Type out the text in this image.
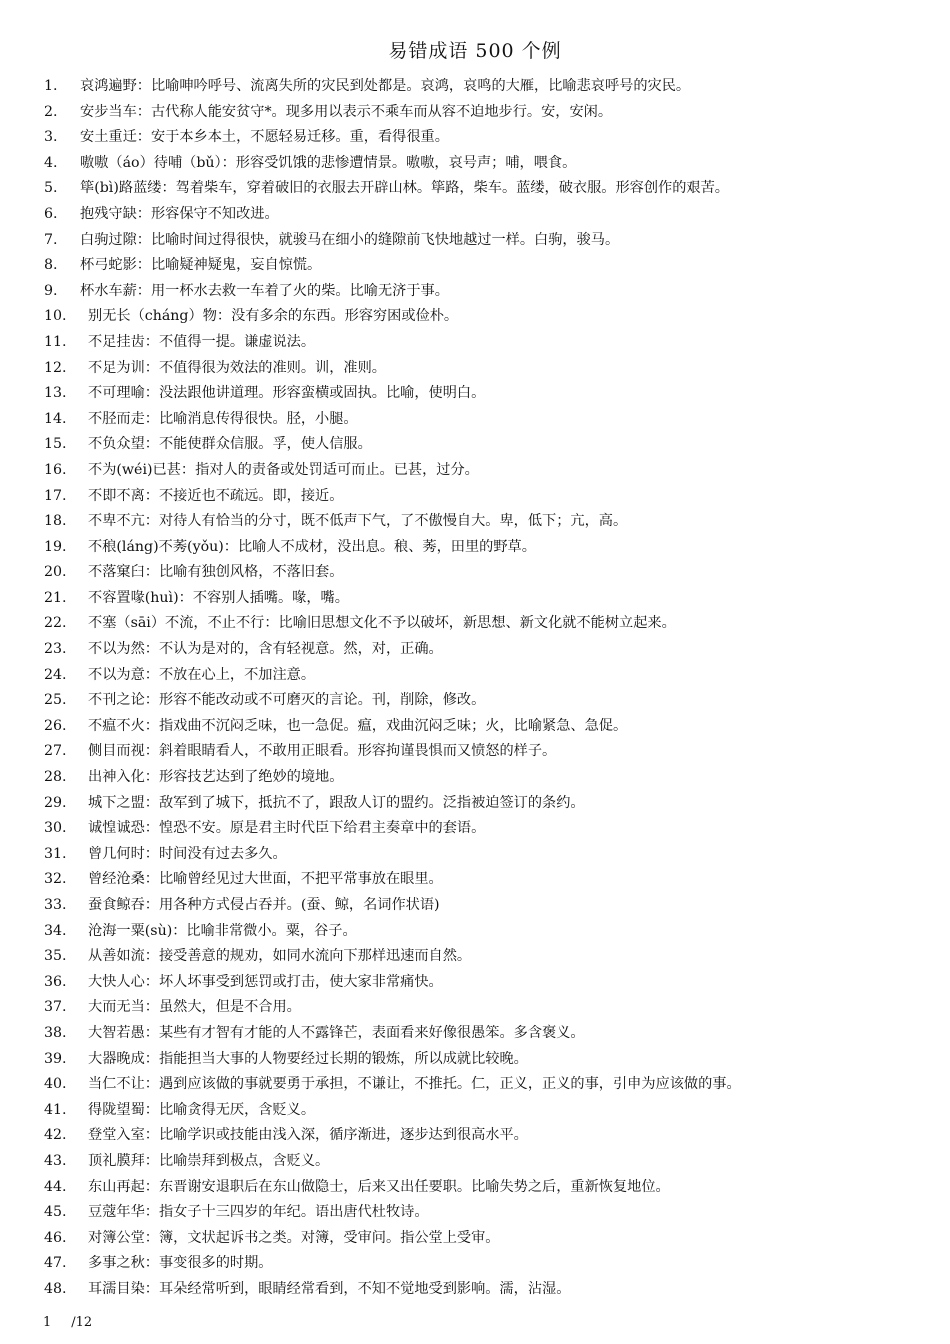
易错成语 500 个例
1.	哀鸿遍野：比喻呻吟呼号、流离失所的灾民到处都是。哀鸿，哀鸣的大雁，比喻悲哀呼号的灾民。
2.	安步当车：古代称人能安贫守*。现多用以表示不乘车而从容不迫地步行。安，安闲。
3.	安土重迁：安于本乡本土，不愿轻易迁移。重，看得很重。
4.	嗷嗷（áo）待哺（bǔ）：形容受饥饿的悲惨遭情景。嗷嗷，哀号声；哺，喂食。
5.	筚(bì)路蓝缕：驾着柴车，穿着破旧的衣服去开辟山林。筚路，柴车。蓝缕，破衣服。形容创作的艰苦。
6.	抱残守缺：形容保守不知改进。
7.	白驹过隙：比喻时间过得很快，就骏马在细小的缝隙前飞快地越过一样。白驹，骏马。
8.	杯弓蛇影：比喻疑神疑鬼，妄自惊慌。
9.	杯水车薪：用一杯水去救一车着了火的柴。比喻无济于事。
10.	别无长（cháng）物：没有多余的东西。形容穷困或俭朴。
11.	不足挂齿：不值得一提。谦虚说法。
12.	不足为训：不值得很为效法的准则。训，准则。
13.	不可理喻：没法跟他讲道理。形容蛮横或固执。比喻，使明白。
14.	不胫而走：比喻消息传得很快。胫，小腿。
15.	不负众望：不能使群众信服。孚，使人信服。
16.	不为(wéi)已甚：指对人的责备或处罚适可而止。已甚，过分。
17.	不即不离：不接近也不疏远。即，接近。
18.	不卑不亢：对待人有恰当的分寸，既不低声下气，了不傲慢自大。卑，低下；亢，高。
19.	不稂(láng)不莠(yǒu)：比喻人不成材，没出息。稂、莠，田里的野草。
20.	不落窠臼：比喻有独创风格，不落旧套。
21.	不容置喙(huì)：不容别人插嘴。喙，嘴。
22.	不塞（sāi）不流，不止不行：比喻旧思想文化不予以破坏，新思想、新文化就不能树立起来。
23.	不以为然：不认为是对的，含有轻视意。然，对，正确。
24.	不以为意：不放在心上，不加注意。
25.	不刊之论：形容不能改动或不可磨灭的言论。刊，削除，修改。
26.	不瘟不火：指戏曲不沉闷乏味，也一急促。瘟，戏曲沉闷乏味；火，比喻紧急、急促。
27.	侧目而视：斜着眼睛看人，不敢用正眼看。形容拘谨畏惧而又愤怒的样子。
28.	出神入化：形容技艺达到了绝妙的境地。
29.	城下之盟：敌军到了城下，抵抗不了，跟敌人订的盟约。泛指被迫签订的条约。
30.	诚惶诚恐：惶恐不安。原是君主时代臣下给君主奏章中的套语。
31.	曾几何时：时间没有过去多久。
32.	曾经沧桑：比喻曾经见过大世面，不把平常事放在眼里。
33.	蚕食鲸吞：用各种方式侵占吞并。(蚕、鲸，名词作状语)
34.	沧海一粟(sù)：比喻非常微小。粟，谷子。
35.	从善如流：接受善意的规劝，如同水流向下那样迅速而自然。
36.	大快人心：坏人坏事受到惩罚或打击，使大家非常痛快。
37.	大而无当：虽然大，但是不合用。
38.	大智若愚：某些有才智有才能的人不露锋芒，表面看来好像很愚笨。多含褒义。
39.	大器晚成：指能担当大事的人物要经过长期的锻炼，所以成就比较晚。
40.	当仁不让：遇到应该做的事就要勇于承担，不谦让，不推托。仁，正义，正义的事，引申为应该做的事。
41.	得陇望蜀：比喻贪得无厌，含贬义。
42.	登堂入室：比喻学识或技能由浅入深，循序渐进，逐步达到很高水平。
43.	顶礼膜拜：比喻崇拜到极点，含贬义。
44.	东山再起：东晋谢安退职后在东山做隐士，后来又出任要职。比喻失势之后，重新恢复地位。
45.	豆蔻年华：指女子十三四岁的年纪。语出唐代杜牧诗。
46.	对簿公堂：簿，文状起诉书之类。对簿，受审问。指公堂上受审。
47.	多事之秋：事变很多的时期。
48.	耳濡目染：耳朵经常听到，眼睛经常看到，不知不觉地受到影响。濡，沾湿。
1 /12
